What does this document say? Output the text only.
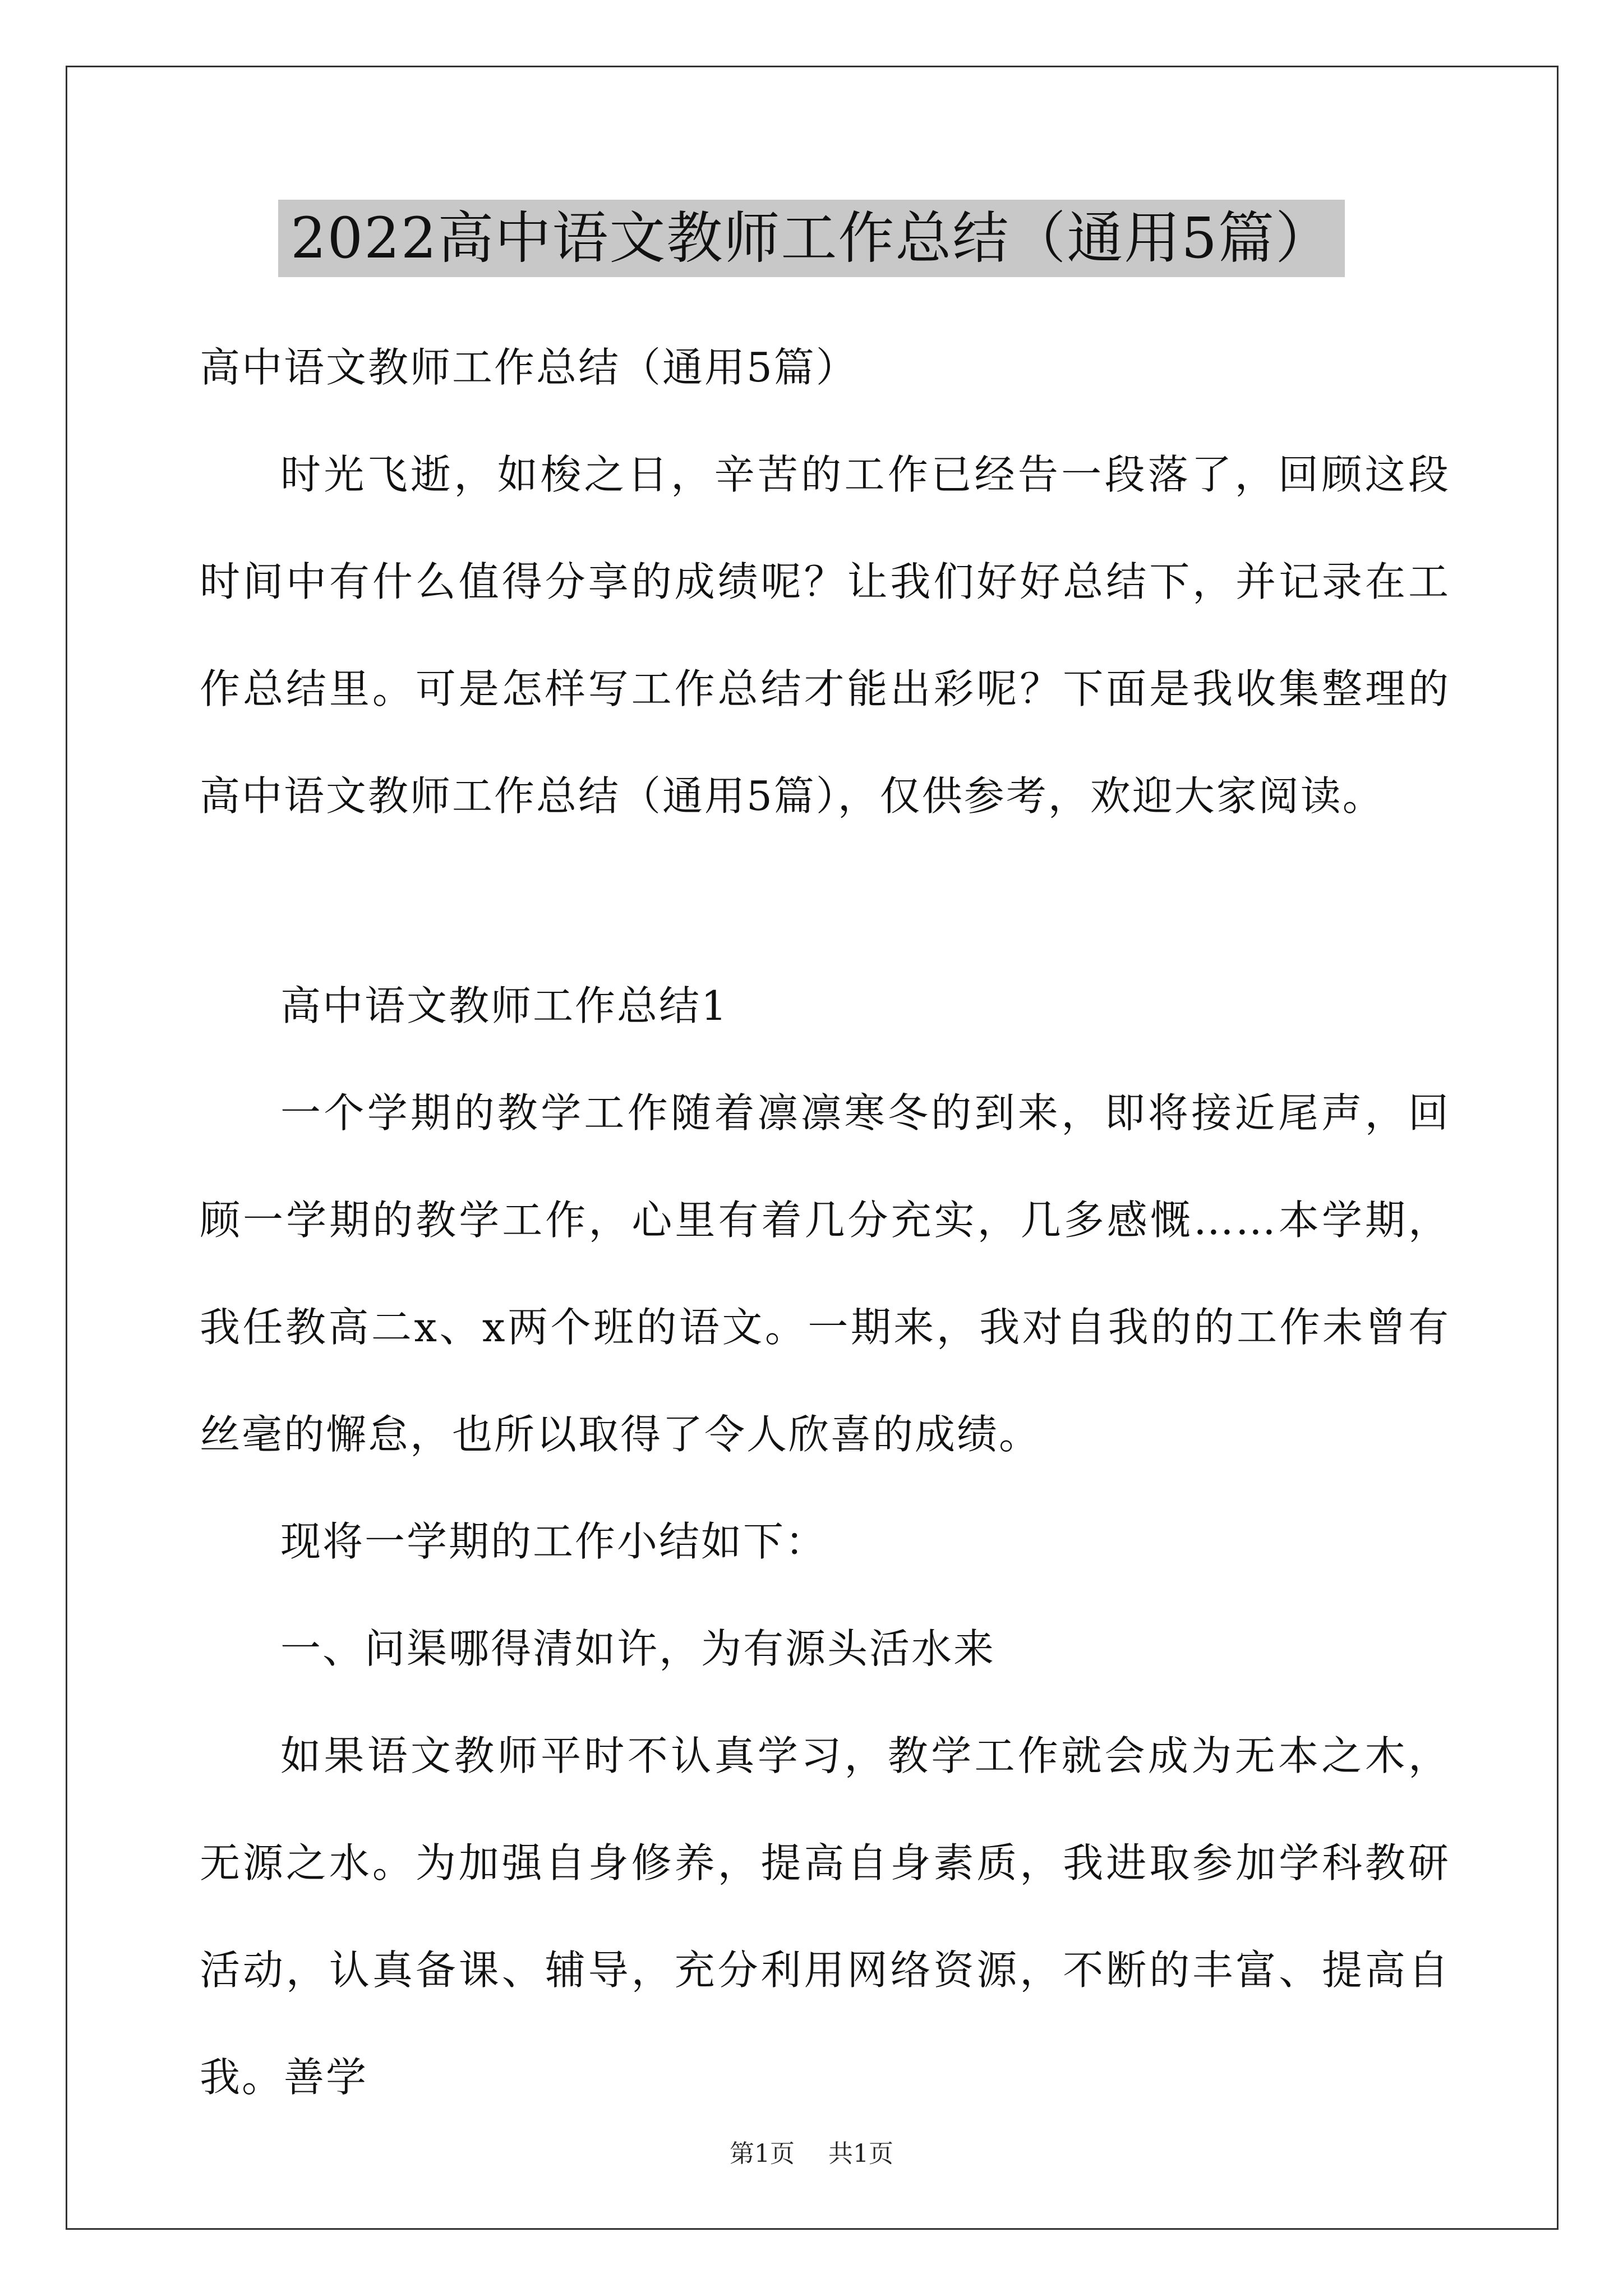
2022高中语文教师工作总结（通用5篇）

高中语文教师工作总结（通用5篇）

时光飞逝，如梭之日，辛苦的工作已经告一段落了，回顾这段时间中有什么值得分享的成绩呢？让我们好好总结下，并记录在工作总结里。可是怎样写工作总结才能出彩呢？下面是我收集整理的高中语文教师工作总结（通用5篇），仅供参考，欢迎大家阅读。

高中语文教师工作总结1

一个学期的教学工作随着凛凛寒冬的到来，即将接近尾声，回顾一学期的教学工作，心里有着几分充实，几多感慨……本学期，我任教高二x、x两个班的语文。一期来，我对自我的的工作未曾有丝毫的懈怠，也所以取得了令人欣喜的成绩。

现将一学期的工作小结如下：

一、问渠哪得清如许，为有源头活水来

如果语文教师平时不认真学习，教学工作就会成为无本之木，无源之水。为加强自身修养，提高自身素质，我进取参加学科教研活动，认真备课、辅导，充分利用网络资源，不断的丰富、提高自我。善学

第1页 共1页
